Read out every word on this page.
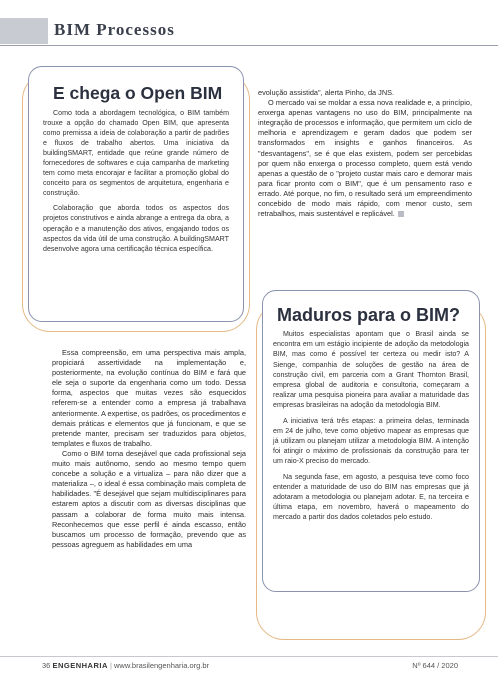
BIM Processos
E chega o Open BIM

Como toda a abordagem tecnológica, o BIM também trouxe a opção do chamado Open BIM, que apresenta como premissa a ideia de colaboração a partir de padrões e fluxos de trabalho abertos. Uma iniciativa da buildingSMART, entidade que reúne grande número de fornecedores de softwares e cuja campanha de marketing tem como meta encorajar e facilitar a promoção global do conceito para os segmentos de arquitetura, engenharia e construção.

Colaboração que aborda todos os aspectos dos projetos construtivos e ainda abrange a entrega da obra, a operação e a manutenção dos ativos, engajando todos os aspectos da vida útil de uma construção. A buildingSMART desenvolve agora uma certificação técnica específica.

evolução assistida", alerta Pinho, da JNS.

O mercado vai se moldar a essa nova realidade e, a princípio, enxerga apenas vantagens no uso do BIM, principalmente na integração de processos e informação, que permitem um ciclo de melhoria e aprendizagem e geram dados que podem ser transformados em insights e ganhos financeiros. As "desvantagens", se é que elas existem, podem ser percebidas por quem não enxerga o processo completo, quem está vendo apenas a questão de o "projeto custar mais caro e demorar mais para ficar pronto com o BIM", que é um pensamento raso e errado. Até porque, no fim, o resultado será um empreendimento concebido de modo mais rápido, com menor custo, sem retrabalhos, mais sustentável e replicável.

Essa compreensão, em uma perspectiva mais ampla, propiciará assertividade na implementação e, posteriormente, na evolução contínua do BIM e fará que ele seja o suporte da engenharia como um todo. Dessa forma, aspectos que muitas vezes são esquecidos referem-se a entender como a empresa já trabalhava anteriormente. A expertise, os padrões, os procedimentos e demais práticas e elementos que já funcionam, e que se pretende manter, precisam ser traduzidos para objetos, templates e fluxos de trabalho.

Como o BIM torna desejável que cada profissional seja muito mais autônomo, sendo ao mesmo tempo quem concebe a solução e a virtualiza – para não dizer que a materializa –, o ideal é essa combinação mais completa de habilidades. "É desejável que sejam multidisciplinares para estarem aptos a discutir com as diversas disciplinas que passam a colaborar de forma muito mais intensa. Reconhecemos que esse perfil é ainda escasso, então buscamos um processo de formação, prevendo que as pessoas agreguem as habilidades em uma

Maduros para o BIM?

Muitos especialistas apontam que o Brasil ainda se encontra em um estágio incipiente de adoção da metodologia BIM, mas como é possível ter certeza ou medir isto? A Sienge, companhia de soluções de gestão na área de construção civil, em parceria com a Grant Thornton Brasil, empresa global de auditoria e consultoria, começaram a realizar uma pesquisa pioneira para avaliar a maturidade das empresas brasileiras na adoção da metodologia BIM.

A iniciativa terá três etapas: a primeira delas, terminada em 24 de julho, teve como objetivo mapear as empresas que já utilizam ou planejam utilizar a metodologia BIM. A intenção foi atingir o máximo de profissionais da construção para ter um raio-X preciso do mercado.

Na segunda fase, em agosto, a pesquisa teve como foco entender a maturidade de uso do BIM nas empresas que já adotaram a metodologia ou planejam adotar. E, na terceira e última etapa, em novembro, haverá o mapeamento do mercado a partir dos dados coletados pelo estudo.

36 ENGENHARIA | www.brasilengenharia.org.br	Nº 644 / 2020
